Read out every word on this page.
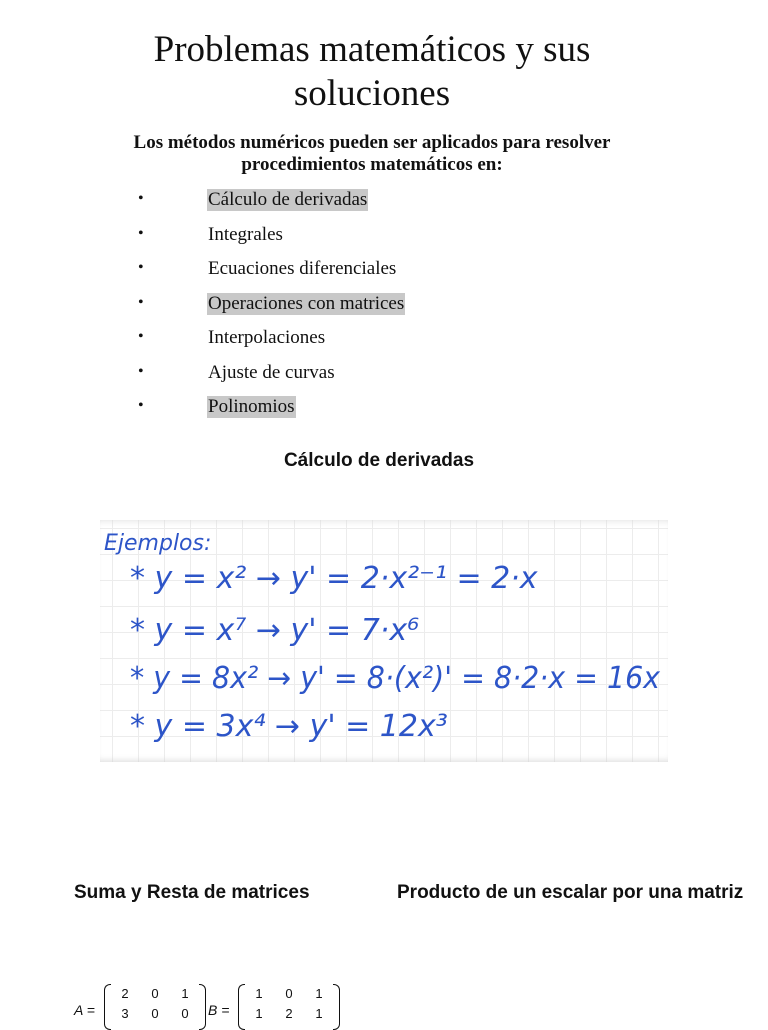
Problemas matemáticos y sus soluciones

Los métodos numéricos pueden ser aplicados para resolver procedimientos matemáticos en:

•	Cálculo de derivadas
•	Integrales
•	Ecuaciones diferenciales
•	Operaciones con matrices
•	Interpolaciones
•	Ajuste de curvas
•	Polinomios
Cálculo de derivadas
Ejemplos:
* y = x² → y' = 2·x²⁻¹ = 2·x
* y = x⁷ → y' = 7·x⁶
* y = 8x² → y' = 8·(x²)' = 8·2·x = 16x
* y = 3x⁴ → y' = 12x³
Suma y Resta de matrices	Producto de un escalar por una matriz
A =
2	0	1
3	0	0	B =
1	0	1
1	2	1
